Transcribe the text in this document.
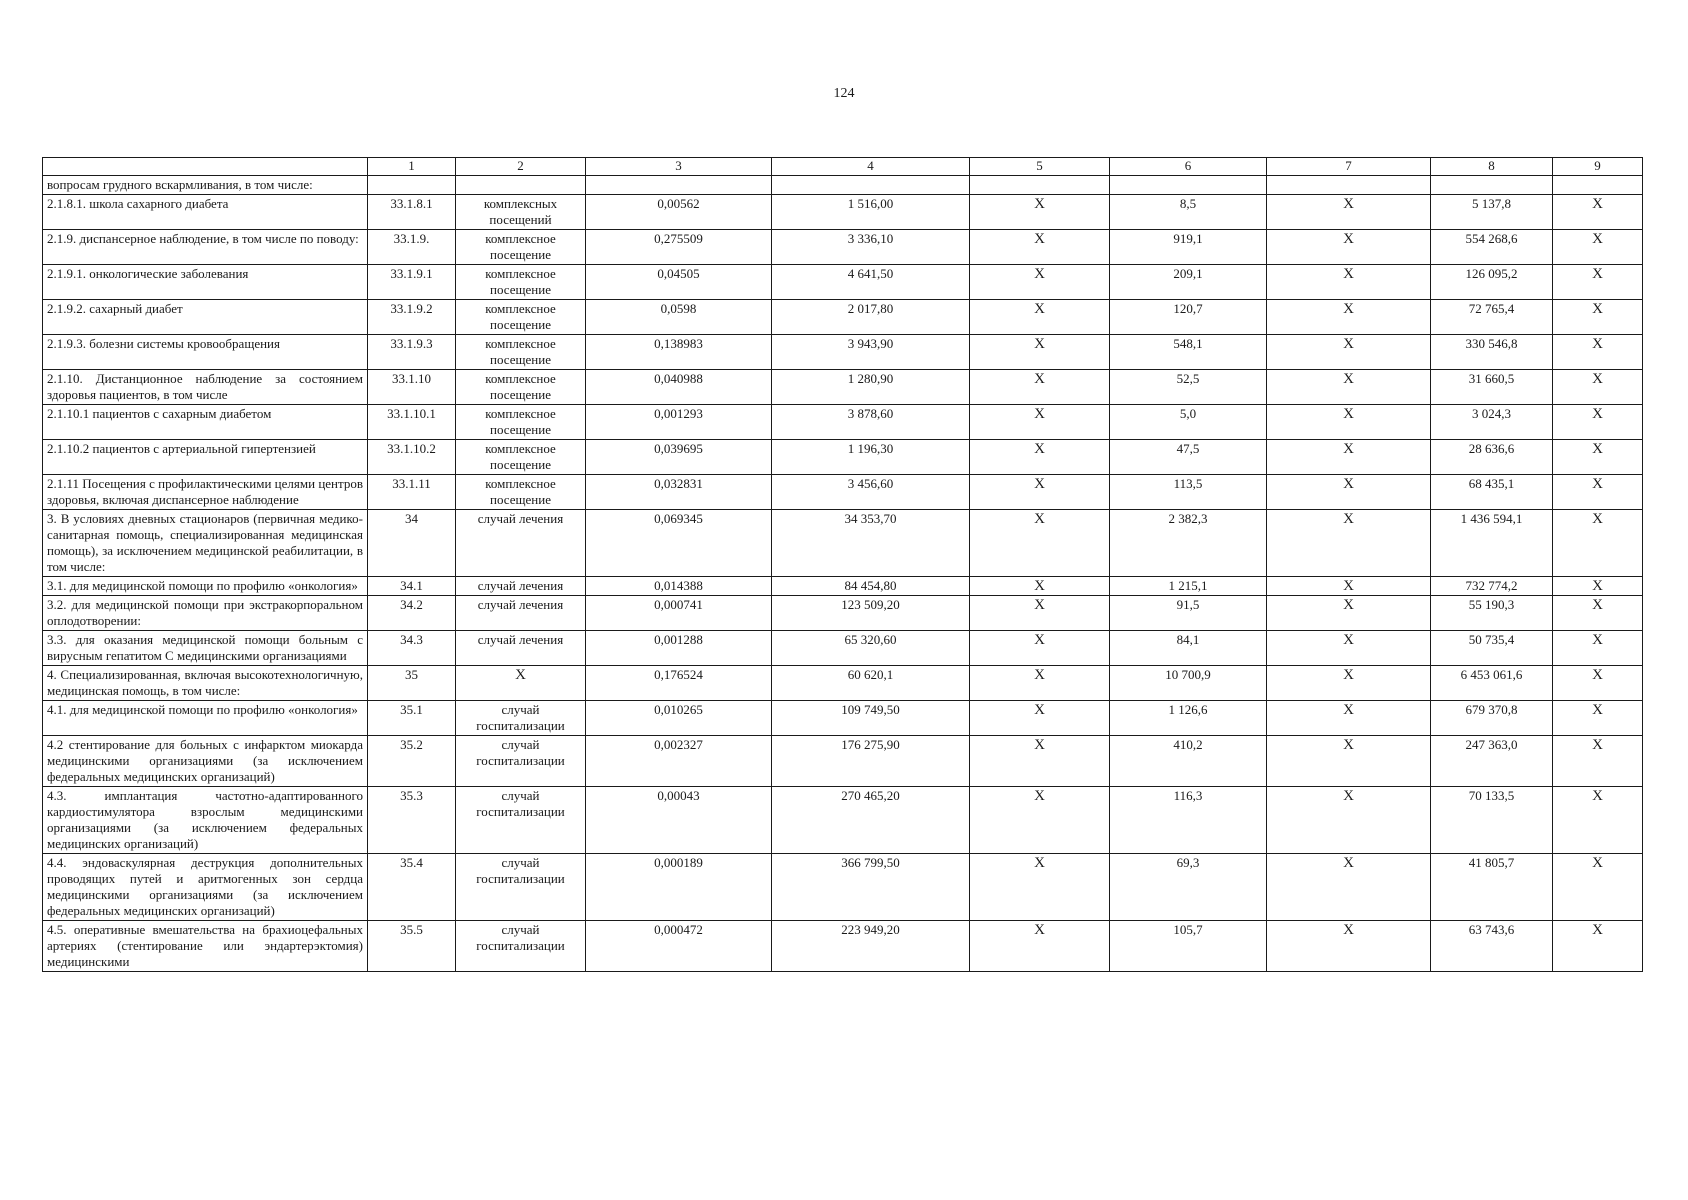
124
	1	2	3	4	5	6	7	8	9
вопросам грудного вскармливания, в том числе:									
2.1.8.1. школа сахарного диабета	33.1.8.1	комплексных посещений	0,00562	1 516,00	X	8,5	X	5 137,8	X
2.1.9. диспансерное наблюдение, в том числе по поводу:	33.1.9.	комплексное посещение	0,275509	3 336,10	X	919,1	X	554 268,6	X
2.1.9.1. онкологические заболевания	33.1.9.1	комплексное посещение	0,04505	4 641,50	X	209,1	X	126 095,2	X
2.1.9.2. сахарный диабет	33.1.9.2	комплексное посещение	0,0598	2 017,80	X	120,7	X	72 765,4	X
2.1.9.3. болезни системы кровообращения	33.1.9.3	комплексное посещение	0,138983	3 943,90	X	548,1	X	330 546,8	X
2.1.10. Дистанционное наблюдение за состоянием здоровья пациентов, в том числе	33.1.10	комплексное посещение	0,040988	1 280,90	X	52,5	X	31 660,5	X
2.1.10.1 пациентов с сахарным диабетом	33.1.10.1	комплексное посещение	0,001293	3 878,60	X	5,0	X	3 024,3	X
2.1.10.2 пациентов с артериальной гипертензией	33.1.10.2	комплексное посещение	0,039695	1 196,30	X	47,5	X	28 636,6	X
2.1.11 Посещения с профилактическими целями центров здоровья, включая диспансерное наблюдение	33.1.11	комплексное посещение	0,032831	3 456,60	X	113,5	X	68 435,1	X
3. В условиях дневных стационаров (первичная медико-санитарная помощь, специализированная медицинская помощь), за исключением медицинской реабилитации, в том числе:	34	случай лечения	0,069345	34 353,70	X	2 382,3	X	1 436 594,1	X
3.1. для медицинской помощи по профилю «онкология»	34.1	случай лечения	0,014388	84 454,80	X	1 215,1	X	732 774,2	X
3.2. для медицинской помощи при экстракорпоральном оплодотворении:	34.2	случай лечения	0,000741	123 509,20	X	91,5	X	55 190,3	X
3.3. для оказания медицинской помощи больным с вирусным гепатитом С медицинскими организациями	34.3	случай лечения	0,001288	65 320,60	X	84,1	X	50 735,4	X
4. Специализированная, включая высокотехнологичную, медицинская помощь, в том числе:	35	X	0,176524	60 620,1	X	10 700,9	X	6 453 061,6	X
4.1. для медицинской помощи по профилю «онкология»	35.1	случай госпитализации	0,010265	109 749,50	X	1 126,6	X	679 370,8	X
4.2 стентирование для больных с инфарктом миокарда медицинскими организациями (за исключением федеральных медицинских организаций)	35.2	случай госпитализации	0,002327	176 275,90	X	410,2	X	247 363,0	X
4.3. имплантация частотно-адаптированного кардиостимулятора взрослым медицинскими организациями (за исключением федеральных медицинских организаций)	35.3	случай госпитализации	0,00043	270 465,20	X	116,3	X	70 133,5	X
4.4. эндоваскулярная деструкция дополнительных проводящих путей и аритмогенных зон сердца медицинскими организациями (за исключением федеральных медицинских организаций)	35.4	случай госпитализации	0,000189	366 799,50	X	69,3	X	41 805,7	X
4.5. оперативные вмешательства на брахиоцефальных артериях (стентирование или эндартерэктомия) медицинскими	35.5	случай госпитализации	0,000472	223 949,20	X	105,7	X	63 743,6	X
